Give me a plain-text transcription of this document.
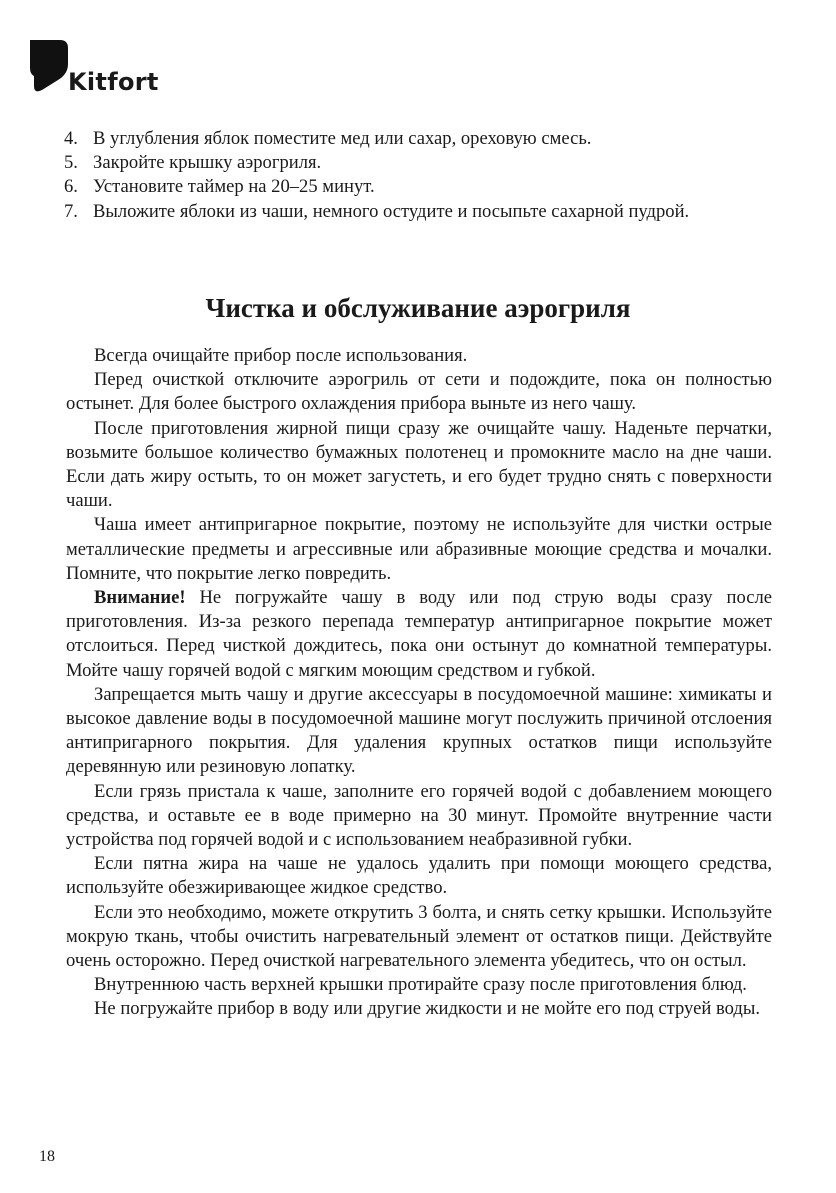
Kitfort
4. В углубления яблок поместите мед или сахар, ореховую смесь.
5. Закройте крышку аэрогриля.
6. Установите таймер на 20–25 минут.
7. Выложите яблоки из чаши, немного остудите и посыпьте сахарной пудрой.
Чистка и обслуживание аэрогриля

Всегда очищайте прибор после использования.

Перед очисткой отключите аэрогриль от сети и подождите, пока он полностью остынет. Для более быстрого охлаждения прибора выньте из него чашу.

После приготовления жирной пищи сразу же очищайте чашу. Наденьте перчатки, возьмите большое количество бумажных полотенец и промокните масло на дне чаши. Если дать жиру остыть, то он может загустеть, и его будет трудно снять с поверхности чаши.

Чаша имеет антипригарное покрытие, поэтому не используйте для чистки острые металлические предметы и агрессивные или абразивные моющие средства и мочалки. Помните, что покрытие легко повредить.

Внимание! Не погружайте чашу в воду или под струю воды сразу после приготовления. Из-за резкого перепада температур антипригарное покрытие может отслоиться. Перед чисткой дождитесь, пока они остынут до комнатной температуры. Мойте чашу горячей водой с мягким моющим средством и губкой.

Запрещается мыть чашу и другие аксессуары в посудомоечной машине: химикаты и высокое давление воды в посудомоечной машине могут послужить причиной отслоения антипригарного покрытия. Для удаления крупных остатков пищи используйте деревянную или резиновую лопатку.

Если грязь пристала к чаше, заполните его горячей водой с добавлением моющего средства, и оставьте ее в воде примерно на 30 минут. Промойте внутренние части устройства под горячей водой и с использованием неабразивной губки.

Если пятна жира на чаше не удалось удалить при помощи моющего средства, используйте обезжиривающее жидкое средство.

Если это необходимо, можете открутить 3 болта, и снять сетку крышки. Используйте мокрую ткань, чтобы очистить нагревательный элемент от остатков пищи. Действуйте очень осторожно. Перед очисткой нагревательного элемента убедитесь, что он остыл.

Внутреннюю часть верхней крышки протирайте сразу после приготовления блюд.

Не погружайте прибор в воду или другие жидкости и не мойте его под струей воды.

18
